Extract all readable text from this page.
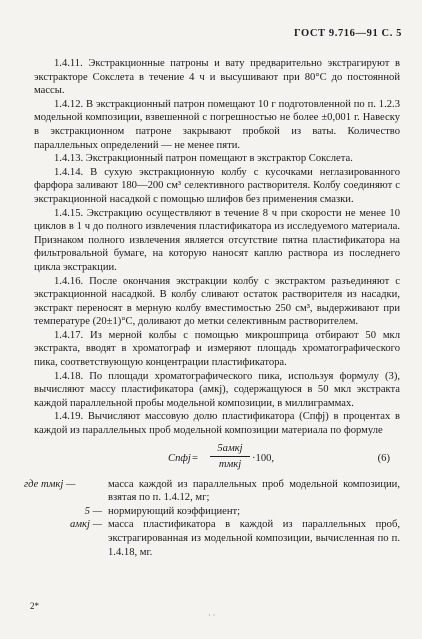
ГОСТ 9.716—91 С. 5

1.4.11. Экстракционные патроны и вату предварительно экстрагируют в экстракторе Сокслета в течение 4 ч и высушивают при 80°С до постоянной массы.

1.4.12. В экстракционный патрон помещают 10 г подготовленной по п. 1.2.3 модельной композиции, взвешенной с погрешностью не более ±0,001 г. Навеску в экстракционном патроне закрывают пробкой из ваты. Количество параллельных определений — не менее пяти.

1.4.13. Экстракционный патрон помещают в экстрактор Сокслета.

1.4.14. В сухую экстракционную колбу с кусочками неглазированного фарфора заливают 180—200 см³ селективного растворителя. Колбу соединяют с экстракционной насадкой с помощью шлифов без применения смазки.

1.4.15. Экстракцию осуществляют в течение 8 ч при скорости не менее 10 циклов в 1 ч до полного извлечения пластификатора из исследуемого материала. Признаком полного извлечения является отсутствие пятна пластификатора на фильтровальной бумаге, на которую наносят каплю раствора из последнего цикла экстракции.

1.4.16. После окончания экстракции колбу с экстрактом разъединяют с экстракционной насадкой. В колбу сливают остаток растворителя из насадки, экстракт переносят в мерную колбу вместимостью 250 см³, выдерживают при температуре (20±1)°С, доливают до метки селективным растворителем.

1.4.17. Из мерной колбы с помощью микрошприца отбирают 50 мкл экстракта, вводят в хроматограф и измеряют площадь хроматографического пика, соответствующую концентрации пластификатора.

1.4.18. По площади хроматографического пика, используя формулу (3), вычисляют массу пластификатора (aмкj), содержащуюся в 50 мкл экстракта каждой параллельной пробы модельной композиции, в миллиграммах.

1.4.19. Вычисляют массовую долю пластификатора (Cпфj) в процентах в каждой из параллельных проб модельной композиции материала по формуле

Cпфj =
5aмкj
mмкj
·100,	(6)
где mмкj —	масса каждой из параллельных проб модельной композиции, взятая по п. 1.4.12, мг;
5 — нормирующий коэффициент;
aмкj — масса пластификатора в каждой из параллельных проб, экстрагированная из модельной композиции, вычисленная по п. 1.4.18, мг.
2*
· ·
